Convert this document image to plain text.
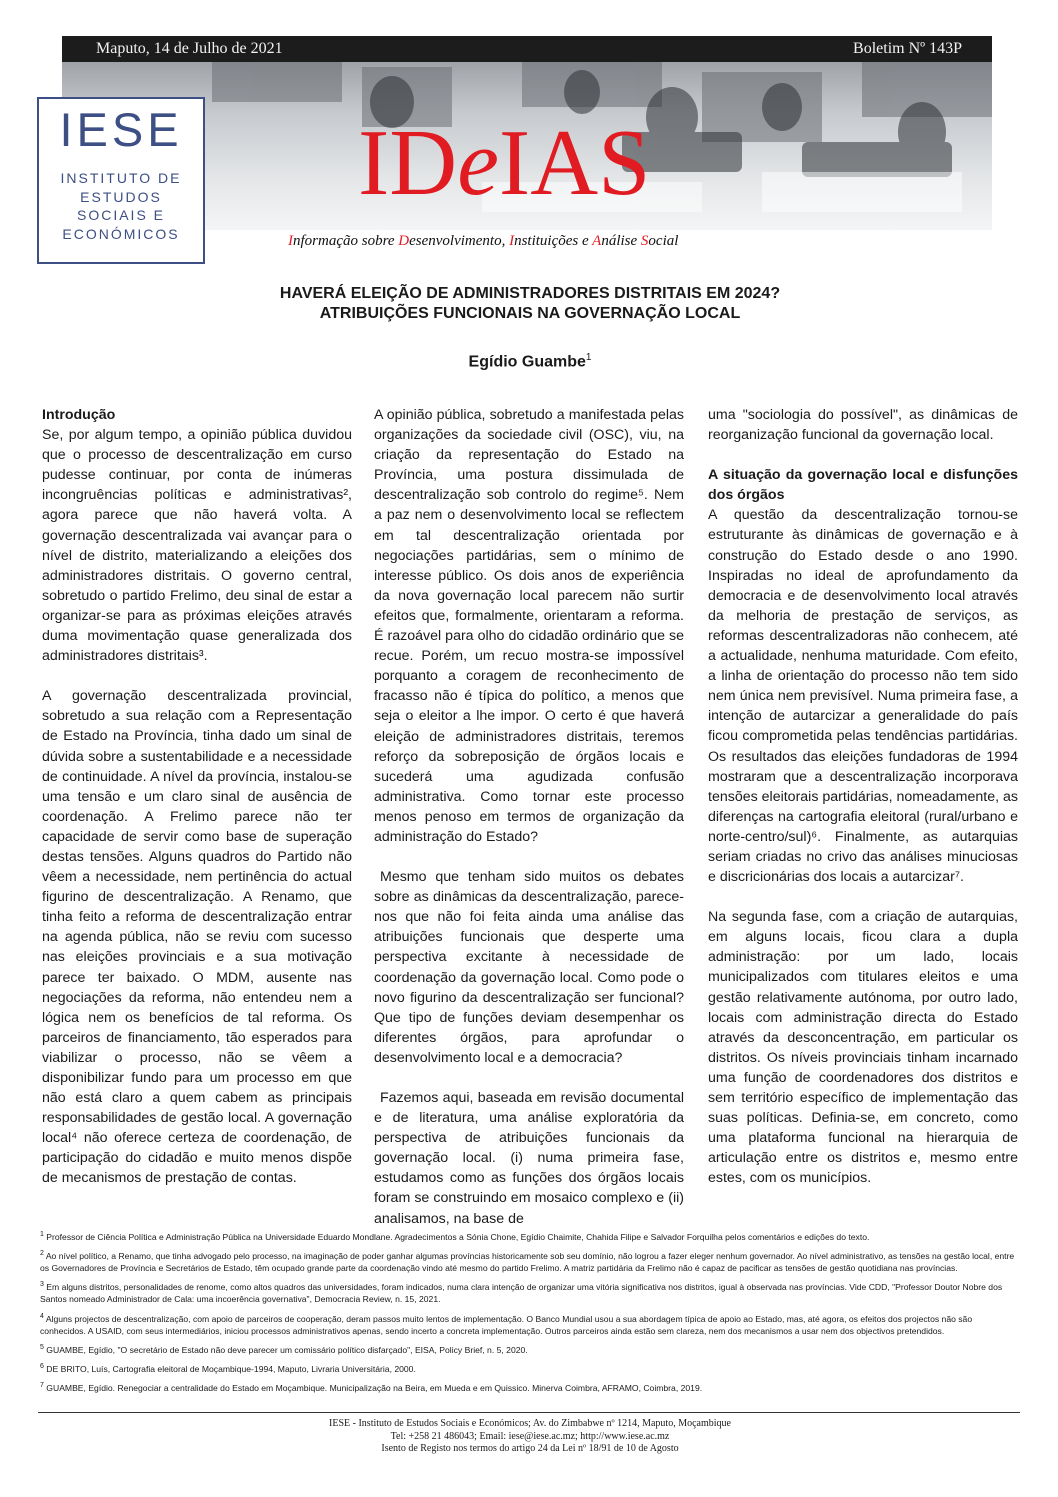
Maputo, 14 de Julho de 2021	Boletim Nº 143P
IESE
INSTITUTO DE
ESTUDOS
SOCIAIS E
ECONÓMICOS
IDeIAS
Informação sobre Desenvolvimento, Instituições e Análise Social
HAVERÁ ELEIÇÃO DE ADMINISTRADORES DISTRITAIS EM 2024?
ATRIBUIÇÕES FUNCIONAIS NA GOVERNAÇÃO LOCAL
Egídio Guambe$^1$
Introdução

Se, por algum tempo, a opinião pública duvidou que o processo de descentralização em curso pudesse continuar, por conta de inúmeras incongruências políticas e administrativas², agora parece que não haverá volta. A governação descentralizada vai avançar para o nível de distrito, materializando a eleições dos administradores distritais. O governo central, sobretudo o partido Frelimo, deu sinal de estar a organizar-se para as próximas eleições através duma movimentação quase generalizada dos administradores distritais³.

A governação descentralizada provincial, sobretudo a sua relação com a Representação de Estado na Província, tinha dado um sinal de dúvida sobre a sustentabilidade e a necessidade de continuidade. A nível da província, instalou-se uma tensão e um claro sinal de ausência de coordenação. A Frelimo parece não ter capacidade de servir como base de superação destas tensões. Alguns quadros do Partido não vêem a necessidade, nem pertinência do actual figurino de descentralização. A Renamo, que tinha feito a reforma de descentralização entrar na agenda pública, não se reviu com sucesso nas eleições provinciais e a sua motivação parece ter baixado. O MDM, ausente nas negociações da reforma, não entendeu nem a lógica nem os benefícios de tal reforma. Os parceiros de financiamento, tão esperados para viabilizar o processo, não se vêem a disponibilizar fundo para um processo em que não está claro a quem cabem as principais responsabilidades de gestão local. A governação local⁴ não oferece certeza de coordenação, de participação do cidadão e muito menos dispõe de mecanismos de prestação de contas.

A opinião pública, sobretudo a manifestada pelas organizações da sociedade civil (OSC), viu, na criação da representação do Estado na Província, uma postura dissimulada de descentralização sob controlo do regime⁵. Nem a paz nem o desenvolvimento local se reflectem em tal descentralização orientada por negociações partidárias, sem o mínimo de interesse público. Os dois anos de experiência da nova governação local parecem não surtir efeitos que, formalmente, orientaram a reforma. É razoável para olho do cidadão ordinário que se recue. Porém, um recuo mostra-se impossível porquanto a coragem de reconhecimento de fracasso não é típica do político, a menos que seja o eleitor a lhe impor. O certo é que haverá eleição de administradores distritais, teremos reforço da sobreposição de órgãos locais e sucederá uma agudizada confusão administrativa. Como tornar este processo menos penoso em termos de organização da administração do Estado?

Mesmo que tenham sido muitos os debates sobre as dinâmicas da descentralização, parece-nos que não foi feita ainda uma análise das atribuições funcionais que desperte uma perspectiva excitante à necessidade de coordenação da governação local. Como pode o novo figurino da descentralização ser funcional? Que tipo de funções deviam desempenhar os diferentes órgãos, para aprofundar o desenvolvimento local e a democracia?

Fazemos aqui, baseada em revisão documental e de literatura, uma análise exploratória da perspectiva de atribuições funcionais da governação local. (i) numa primeira fase, estudamos como as funções dos órgãos locais foram se construindo em mosaico complexo e (ii) analisamos, na base de

uma "sociologia do possível", as dinâmicas de reorganização funcional da governação local.

A situação da governação local e disfunções dos órgãos

A questão da descentralização tornou-se estruturante às dinâmicas de governação e à construção do Estado desde o ano 1990. Inspiradas no ideal de aprofundamento da democracia e de desenvolvimento local através da melhoria de prestação de serviços, as reformas descentralizadoras não conhecem, até a actualidade, nenhuma maturidade. Com efeito, a linha de orientação do processo não tem sido nem única nem previsível. Numa primeira fase, a intenção de autarcizar a generalidade do país ficou comprometida pelas tendências partidárias. Os resultados das eleições fundadoras de 1994 mostraram que a descentralização incorporava tensões eleitorais partidárias, nomeadamente, as diferenças na cartografia eleitoral (rural/urbano e norte-centro/sul)⁶. Finalmente, as autarquias seriam criadas no crivo das análises minuciosas e discricionárias dos locais a autarcizar⁷.

Na segunda fase, com a criação de autarquias, em alguns locais, ficou clara a dupla administração: por um lado, locais municipalizados com titulares eleitos e uma gestão relativamente autónoma, por outro lado, locais com administração directa do Estado através da desconcentração, em particular os distritos. Os níveis provinciais tinham incarnado uma função de coordenadores dos distritos e sem território específico de implementação das suas políticas. Definia-se, em concreto, como uma plataforma funcional na hierarquia de articulação entre os distritos e, mesmo entre estes, com os municípios.

$^1$ Professor de Ciência Política e Administração Pública na Universidade Eduardo Mondlane. Agradecimentos a Sónia Chone, Egídio Chaimite, Chahida Filipe e Salvador Forquilha pelos comentários e edições do texto.
$^2$ Ao nível político, a Renamo, que tinha advogado pelo processo, na imaginação de poder ganhar algumas províncias historicamente sob seu domínio, não logrou a fazer eleger nenhum governador. Ao nível administrativo, as tensões na gestão local, entre os Governadores de Província e Secretários de Estado, têm ocupado grande parte da coordenação vindo até mesmo do partido Frelimo. A matriz partidária da Frelimo não é capaz de pacificar as tensões de gestão quotidiana nas províncias.
$^3$ Em alguns distritos, personalidades de renome, como altos quadros das universidades, foram indicados, numa clara intenção de organizar uma vitória significativa nos distritos, igual à observada nas províncias. Vide CDD, "Professor Doutor Nobre dos Santos nomeado Administrador de Cala: uma incoerência governativa", Democracia Review, n. 15, 2021.
$^4$ Alguns projectos de descentralização, com apoio de parceiros de cooperação, deram passos muito lentos de implementação. O Banco Mundial usou a sua abordagem típica de apoio ao Estado, mas, até agora, os efeitos dos projectos não são conhecidos. A USAID, com seus intermediários, iniciou processos administrativos apenas, sendo incerto a concreta implementação. Outros parceiros ainda estão sem clareza, nem dos mecanismos a usar nem dos objectivos pretendidos.
$^5$ GUAMBE, Egídio, "O secretário de Estado não deve parecer um comissário político disfarçado", EISA, Policy Brief, n. 5, 2020.
$^6$ DE BRITO, Luís, Cartografia eleitoral de Moçambique-1994, Maputo, Livraria Universitária, 2000.
$^7$ GUAMBE, Egídio. Renegociar a centralidade do Estado em Moçambique. Municipalização na Beira, em Mueda e em Quissico. Minerva Coimbra, AFRAMO, Coimbra, 2019.
IESE - Instituto de Estudos Sociais e Económicos; Av. do Zimbabwe nº 1214, Maputo, Moçambique
Tel: +258 21 486043; Email: iese@iese.ac.mz; http://www.iese.ac.mz
Isento de Registo nos termos do artigo 24 da Lei nº 18/91 de 10 de Agosto
